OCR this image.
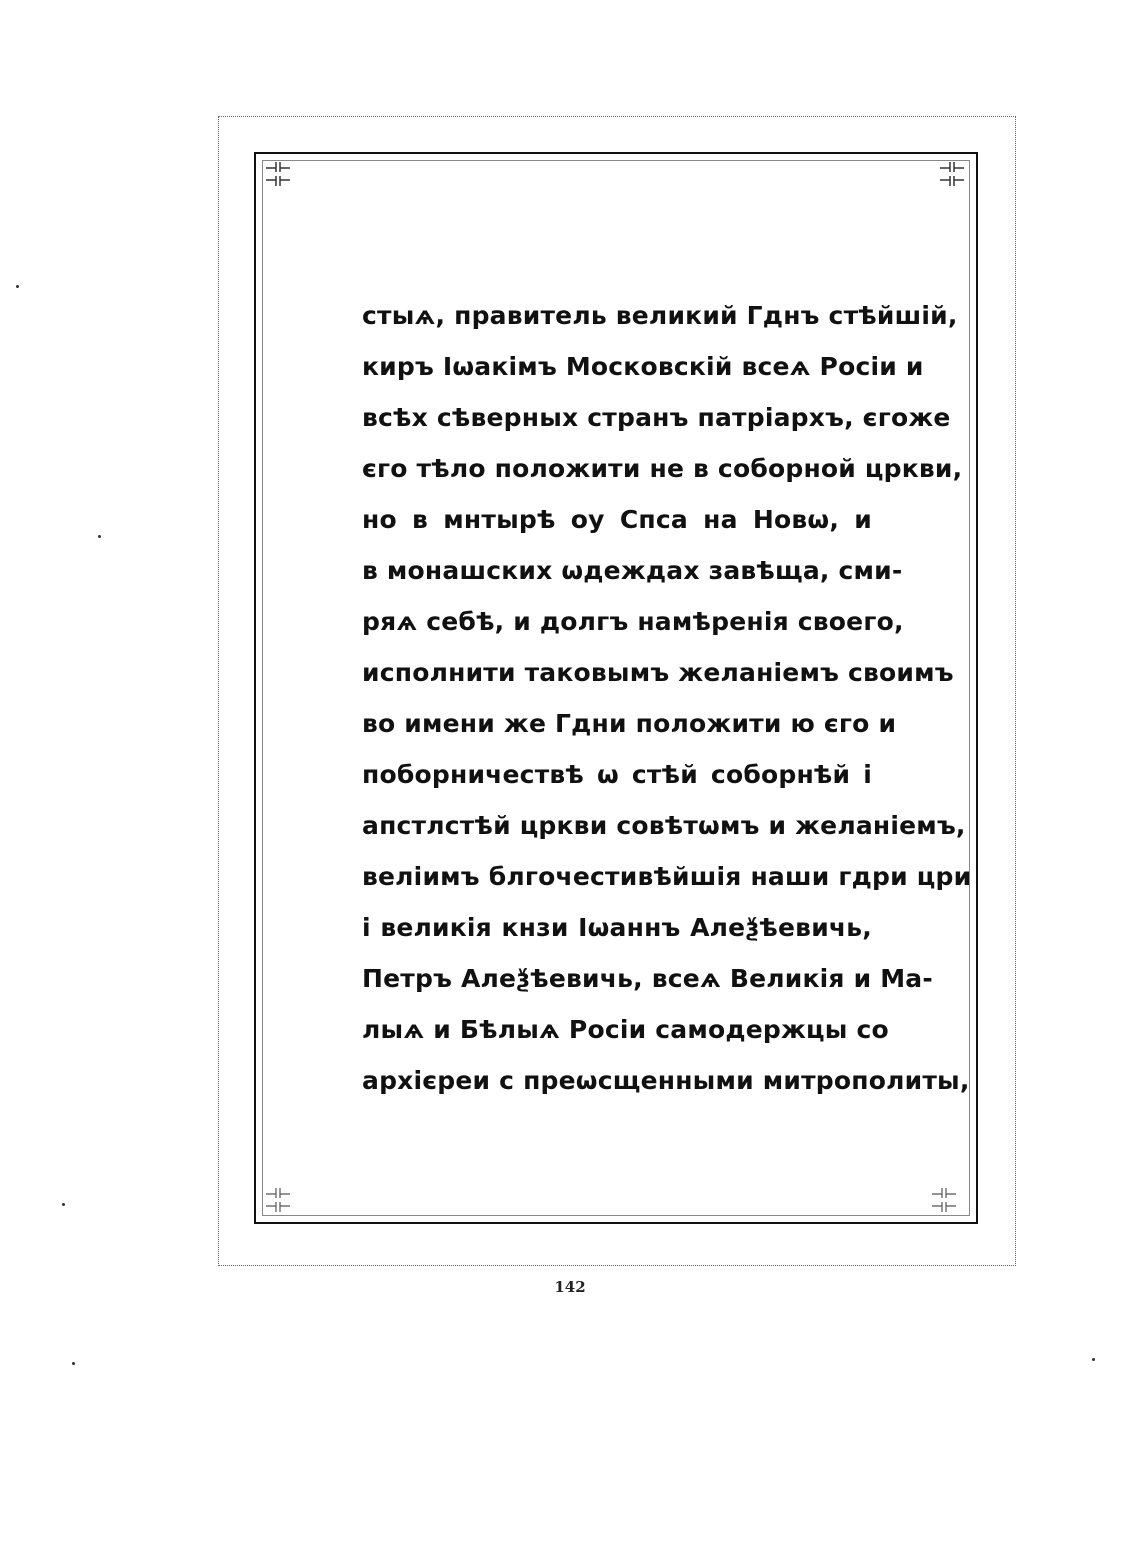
стыѧ, правитель великий Гднъ стѣйшій,
киръ Іѡакімъ Московскій всеѧ Росіи и
всѣх сѣверных странъ патріархъ, єгоже
єго тѣло положити не в соборной цркви,
но в мнтырѣ оу Спса на Новѡ, и
в монашских ѡдеждах завѣща, сми-
ряѧ себѣ, и долгъ намѣренія своего,
исполнити таковымъ желаніемъ своимъ
во имени же Гдни положити ю єго и
поборничествѣ ѡ стѣй соборнѣй і
апстлстѣй цркви совѣтѡмъ и желаніемъ,
веліимъ блгочестивѣйшія наши гдри цри
і великія кнзи Іѡаннъ Алеѯѣевичь,
Петръ Алеѯѣевичь, всеѧ Великія и Ма-
лыѧ и Бѣлыѧ Росіи самодержцы со
архієреи с преѡсщенными митрополиты,
142
